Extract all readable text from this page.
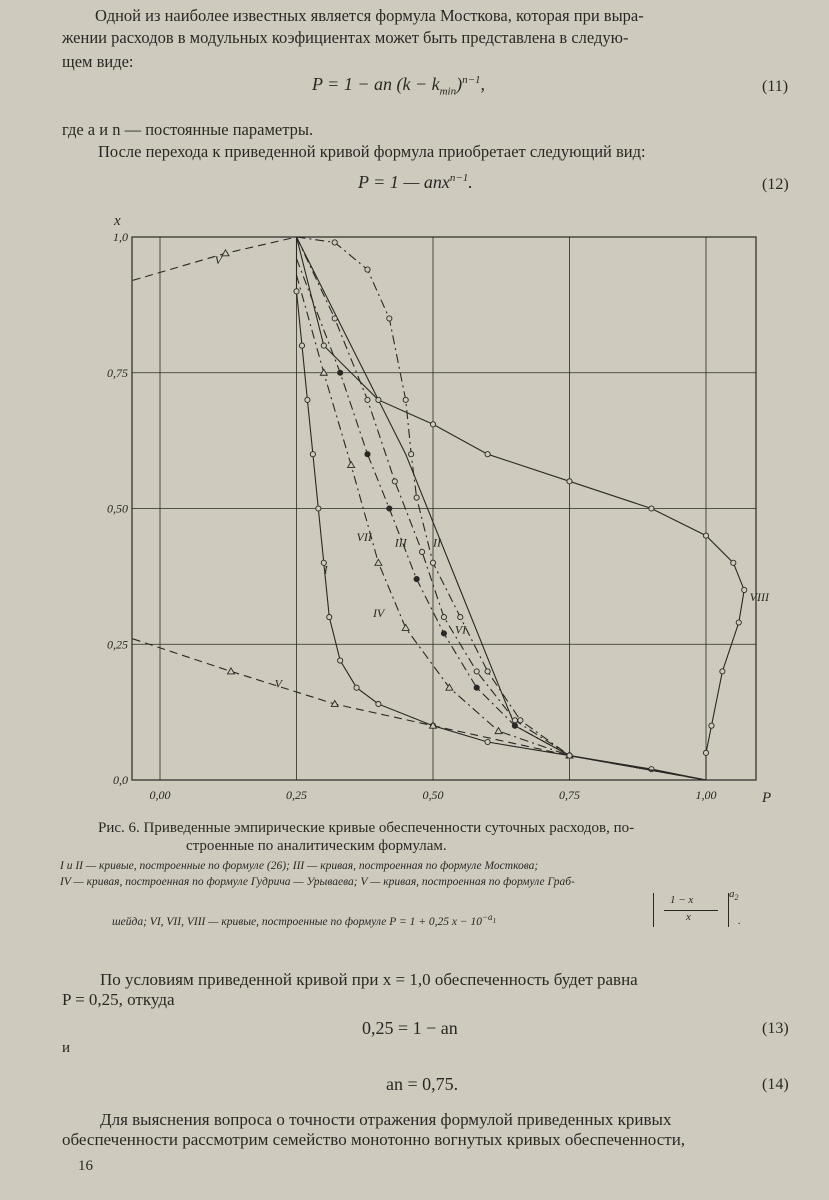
Одной из наиболее известных является формула Мосткова, которая при выра-
жении расходов в модульных коэфициентах может быть представлена в следую-
щем виде:
P = 1 − an $(k - k_{min})^{n-1}$,	(11)
где a и n — постоянные параметры.
После перехода к приведенной кривой формула приобретает следующий вид:
P = 1 — anx$^{n-1}$.	(12)
0,00
0,0
0,25
0,25
0,50
0,50
0,75
0,75
1,00
1,0
P
x
I
II
III
IV
V
V
VI
VII
VIII
Рис. 6. Приведенные эмпирические кривые обеспеченности суточных расходов, по-
строенные по аналитическим формулам.
I и II — кривые, построенные по формуле (26); III — кривая, построенная по формуле Мосткова;
IV — кривая, построенная по формуле Гудрича — Урываева; V — кривая, построенная по формуле Граб-
шейда; VI, VII, VIII — кривые, построенные по формуле P = 1 + 0,25 $x - 10^{-a_1}$
1 − x
x
$a_2$
.
По условиям приведенной кривой при x = 1,0 обеспеченность будет равна
P = 0,25, откуда
0,25 = 1 − an	(13)
и
an = 0,75.	(14)
Для выяснения вопроса о точности отражения формулой приведенных кривых
обеспеченности рассмотрим семейство монотонно вогнутых кривых обеспеченности,
16
